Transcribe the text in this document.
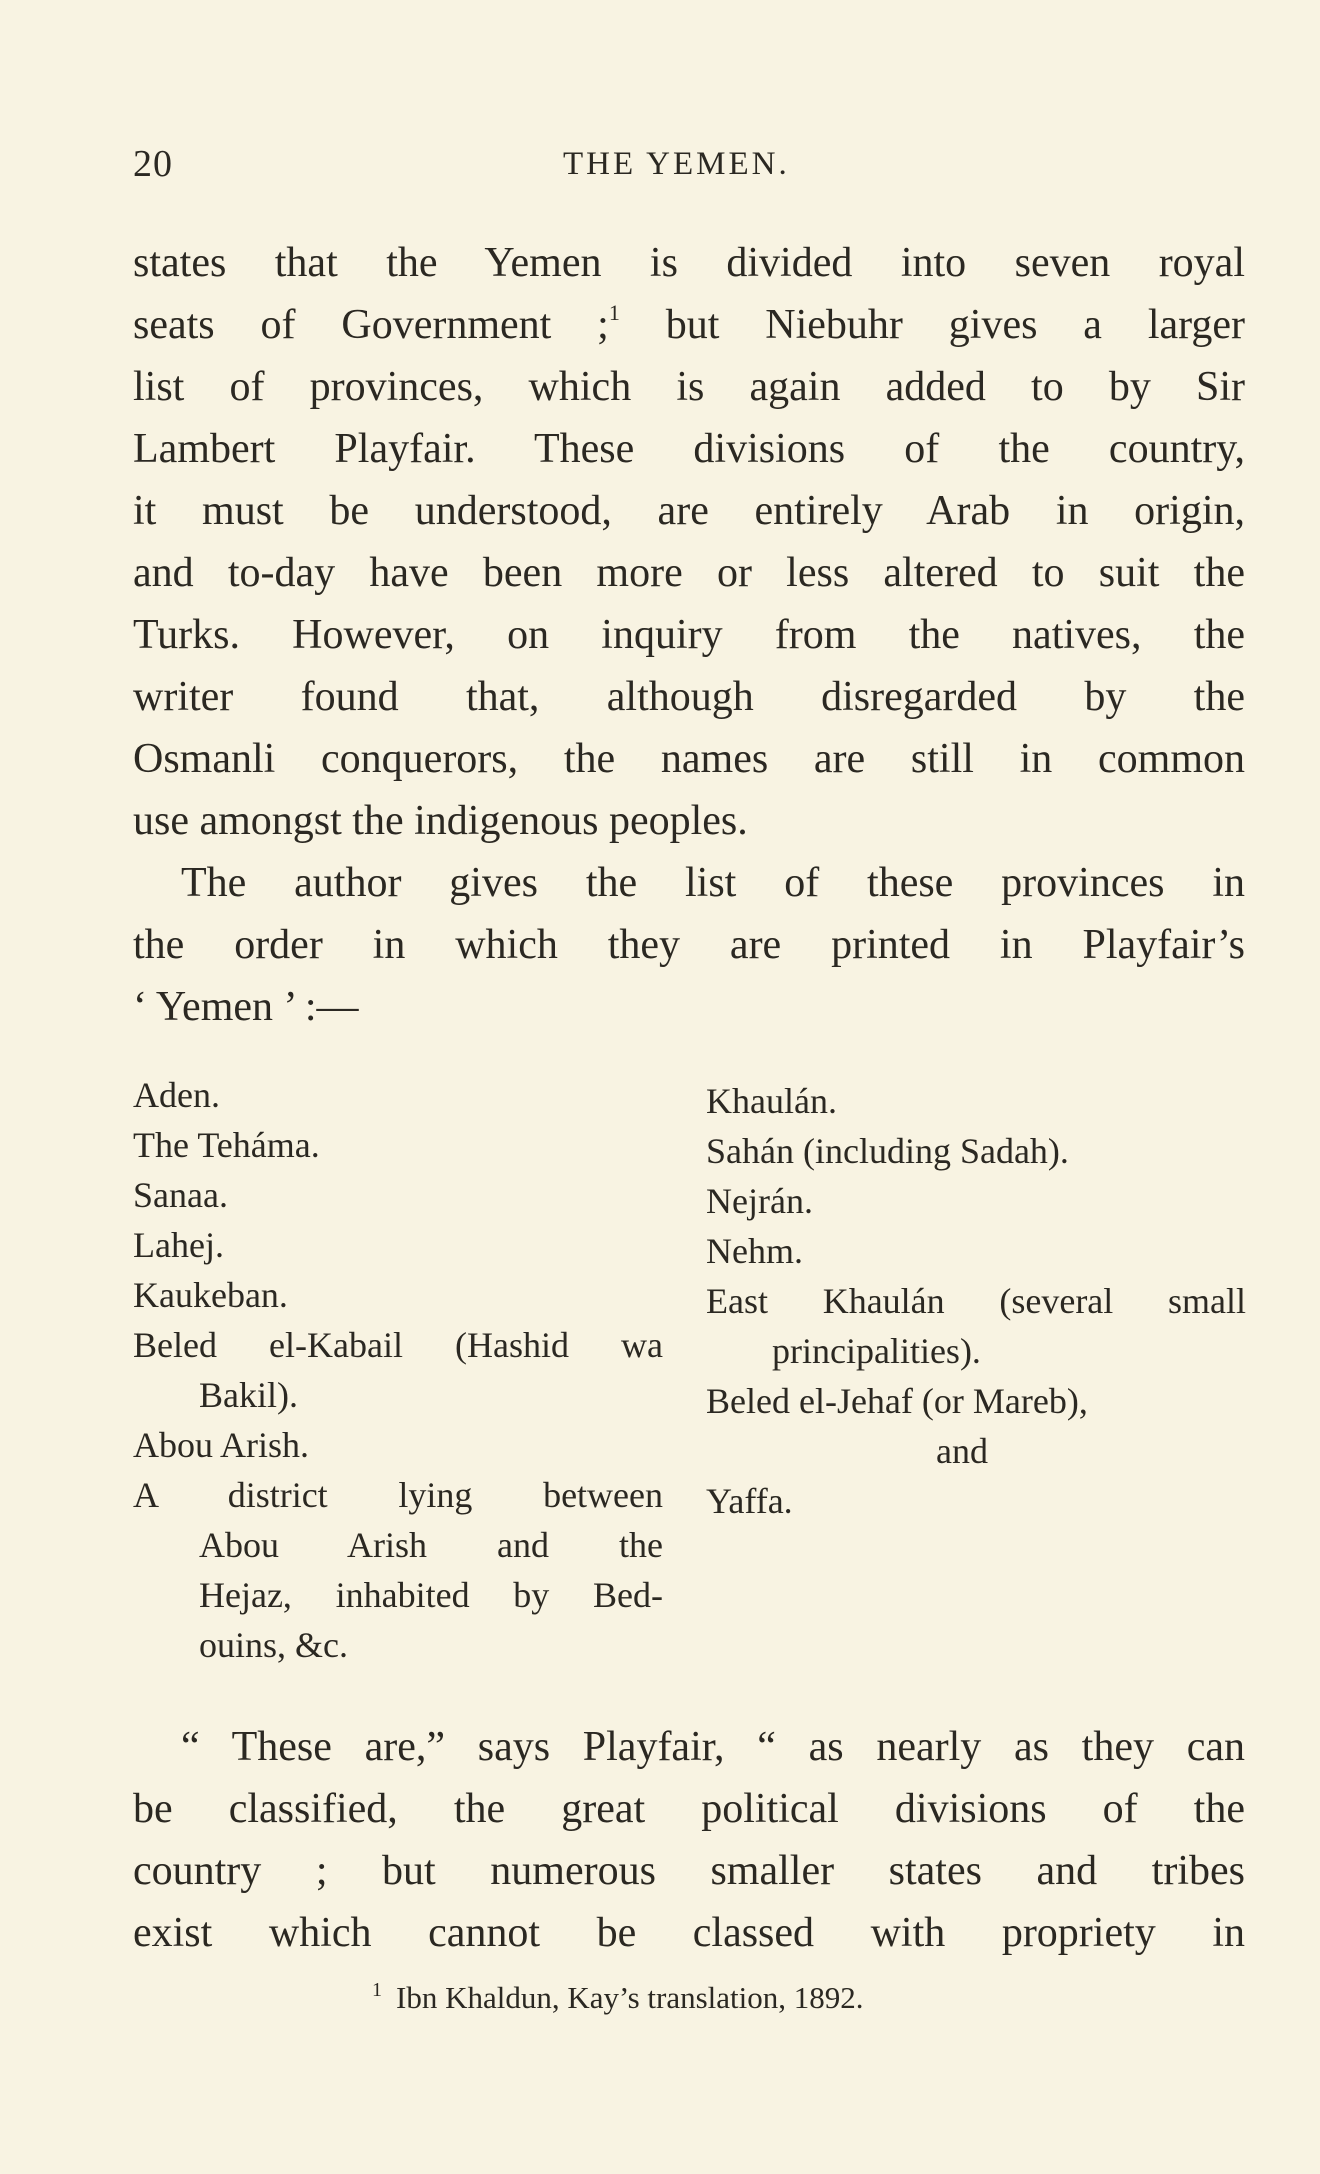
20	THE YEMEN.
states that the Yemen is divided into seven royal
seats of Government ;$^1$ but Niebuhr gives a larger
list of provinces, which is again added to by Sir
Lambert Playfair. These divisions of the country,
it must be understood, are entirely Arab in origin,
and to-day have been more or less altered to suit the
Turks. However, on inquiry from the natives, the
writer found that, although disregarded by the
Osmanli conquerors, the names are still in common
use amongst the indigenous peoples.
The author gives the list of these provinces in
the order in which they are printed in Playfair’s
‘ Yemen ’ :—
Aden.
The Teháma.
Sanaa.
Lahej.
Kaukeban.
Beled el-Kabail (Hashid wa
Bakil).
Abou Arish.
A district lying between
Abou Arish and the
Hejaz, inhabited by Bed-
ouins, &c.
Khaulán.
Sahán (including Sadah).
Nejrán.
Nehm.
East Khaulán (several small
principalities).
Beled el-Jehaf (or Mareb),
and
Yaffa.
“ These are,” says Playfair, “ as nearly as they can
be classified, the great political divisions of the
country ; but numerous smaller states and tribes
exist which cannot be classed with propriety in
$^1$ Ibn Khaldun, Kay’s translation, 1892.
